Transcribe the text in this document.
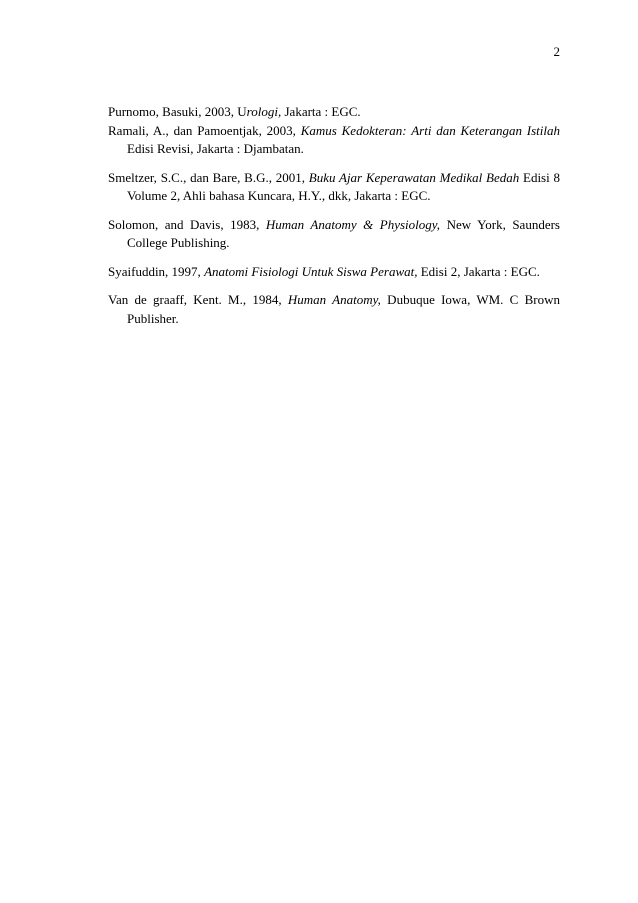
2

Purnomo, Basuki, 2003, Urologi, Jakarta : EGC.

Ramali, A., dan Pamoentjak, 2003, Kamus Kedokteran: Arti dan Keterangan Istilah Edisi Revisi, Jakarta : Djambatan.

Smeltzer, S.C., dan Bare, B.G., 2001, Buku Ajar Keperawatan Medikal Bedah Edisi 8 Volume 2, Ahli bahasa Kuncara, H.Y., dkk, Jakarta : EGC.

Solomon, and Davis, 1983, Human Anatomy & Physiology, New York, Saunders College Publishing.

Syaifuddin, 1997, Anatomi Fisiologi Untuk Siswa Perawat, Edisi 2, Jakarta : EGC.

Van de graaff, Kent. M., 1984, Human Anatomy, Dubuque Iowa, WM. C Brown Publisher.
